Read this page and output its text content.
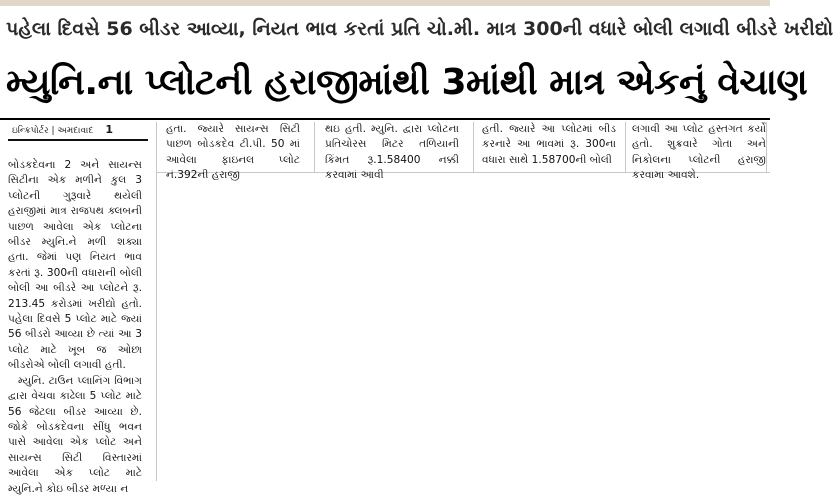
પહેલા દિવસે 56 બીડર આવ્યા, નિયત ભાવ કરતાં પ્રતિ ચો.મી. માત્ર 300ની વધારે બોલી લગાવી બીડરે ખરીદ્યો
મ્યુનિ.ના પ્લોટની હરાજીમાંથી 3માંથી માત્ર એકનું વેચાણ
ઇન્ક્રિપોર્ટર | અમદાવાદ 1

બોડકદેવના 2 અને સાયન્સ સિટીના એક મળીને કુલ 3 પ્લોટની ગુરૂવારે થયેલી હરાજીમાં માત્ર રાજપથ ક્લબની પાછળ આવેલા એક પ્લોટના બીડર મ્યુનિ.ને મળી શક્યા હતા. જેમાં પણ નિયત ભાવ કરતાં રૂ. 300ની વધારાની બોલી બોલી આ બીડરે આ પ્લોટને રૂ. 213.45 કરોડમાં ખરીદ્યો હતો. પહેલા દિવસે 5 પ્લોટ માટે જ્યાં 56 બીડરો આવ્યા છે ત્યાં આ 3 પ્લોટ માટે ખૂબ જ ઓછા બીડરોએ બોલી લગાવી હતી.

મ્યુનિ. ટાઉન પ્લાનિંગ વિભાગ દ્વારા વેચવા કાઢેલા 5 પ્લોટ માટે 56 જેટલા બીડર આવ્યા છે. જોકે બોડકદેવના સીંધુ ભવન પાસે આવેલા એક પ્લોટ અને સાયન્સ સિટી વિસ્તારમાં આવેલા એક પ્લોટ માટે મ્યુનિ.ને કોઇ બીડર મળ્યા ન

હતા. જ્યારે સાયન્સ સિટી પાછળ બોડકદેવ ટી.પી. 50 માં આવેલા ફાઇનલ પ્લોટ નં.392ની હરાજી

થઇ હતી. મ્યુનિ. દ્વારા પ્લોટના પ્રતિચોરસ મિટર તળિયાની કિંમત રૂ.1.58400 નક્કી કરવામાં આવી

હતી. જ્યારે આ પ્લોટમાં બીડ કરનારે આ ભાવમાં રૂ. 300ના વધારા સાથે 1.58700ની બોલી

લગાવી આ પ્લોટ હસ્તગત કર્યો હતો. શુક્રવારે ગોતા અને નિકોલના પ્લોટની હરાજી કરવામા આવશે.
